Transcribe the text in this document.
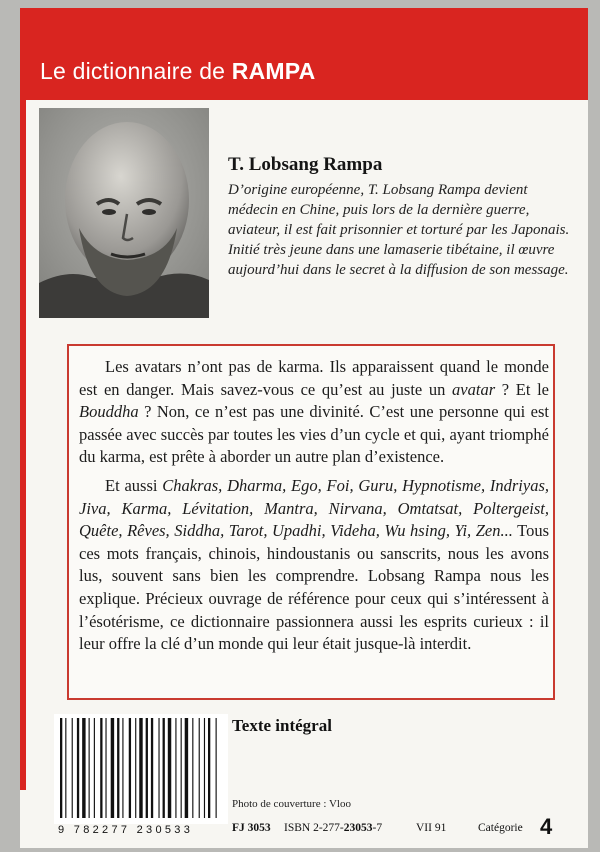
Le dictionnaire de RAMPA

T. Lobsang Rampa

D’origine européenne, T. Lobsang Rampa devient médecin en Chine, puis lors de la dernière guerre, aviateur, il est fait prisonnier et torturé par les Japonais. Initié très jeune dans une lamaserie tibétaine, il œuvre aujourd’hui dans le secret à la diffusion de son message.

Les avatars n’ont pas de karma. Ils apparaissent quand le monde est en danger. Mais savez-vous ce qu’est au juste un avatar ? Et le Bouddha ? Non, ce n’est pas une divinité. C’est une personne qui est passée avec succès par toutes les vies d’un cycle et qui, ayant triomphé du karma, est prête à aborder un autre plan d’existence.

Et aussi Chakras, Dharma, Ego, Foi, Guru, Hypnotisme, Indriyas, Jiva, Karma, Lévitation, Mantra, Nirvana, Omtatsat, Poltergeist, Quête, Rêves, Siddha, Tarot, Upadhi, Videha, Wu hsing, Yi, Zen... Tous ces mots français, chinois, hindoustanis ou sanscrits, nous les avons lus, souvent sans bien les comprendre. Lobsang Rampa nous les explique. Précieux ouvrage de référence pour ceux qui s’intéressent à l’ésotérisme, ce dictionnaire passionnera aussi les esprits curieux : il leur offre la clé d’un monde qui leur était jusque-là interdit.

9 782277 230533
Texte intégral
Photo de couverture : Vloo
FJ 3053 ISBN 2-277-23053-7	VII 91	Catégorie 4
